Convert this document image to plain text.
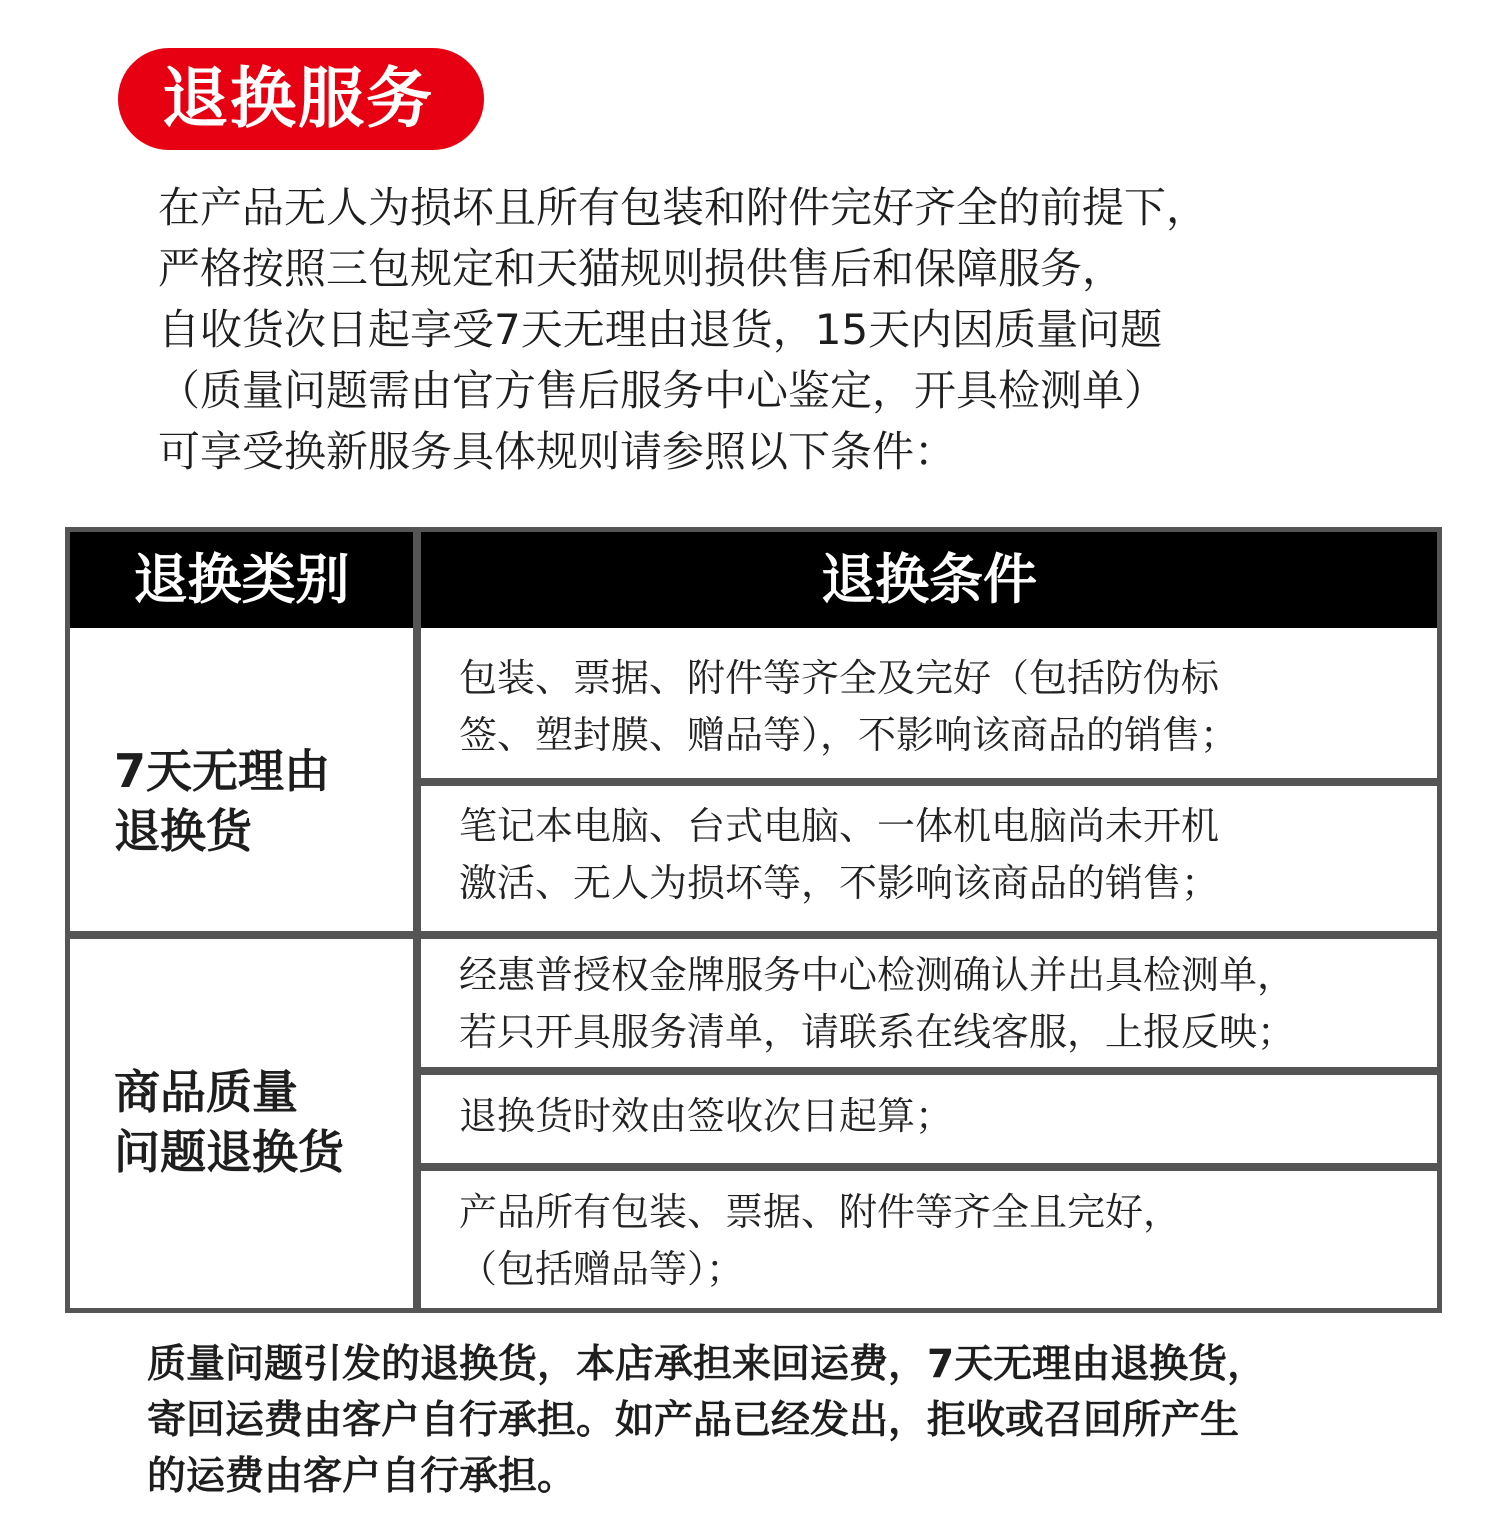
退换服务
在产品无人为损坏且所有包装和附件完好齐全的前提下，
严格按照三包规定和天猫规则损供售后和保障服务，
自收货次日起享受7天无理由退货，15天内因质量问题
（质量问题需由官方售后服务中心鉴定，开具检测单）
可享受换新服务具体规则请参照以下条件：
退换类别	退换条件
7天无理由
退换货
包装、票据、附件等齐全及完好（包括防伪标
签、塑封膜、赠品等），不影响该商品的销售；
笔记本电脑、台式电脑、一体机电脑尚未开机
激活、无人为损坏等，不影响该商品的销售；
商品质量
问题退换货
经惠普授权金牌服务中心检测确认并出具检测单，
若只开具服务清单，请联系在线客服，上报反映；
退换货时效由签收次日起算；
产品所有包装、票据、附件等齐全且完好，
（包括赠品等）；
质量问题引发的退换货，本店承担来回运费，7天无理由退换货，
寄回运费由客户自行承担。如产品已经发出，拒收或召回所产生
的运费由客户自行承担。
